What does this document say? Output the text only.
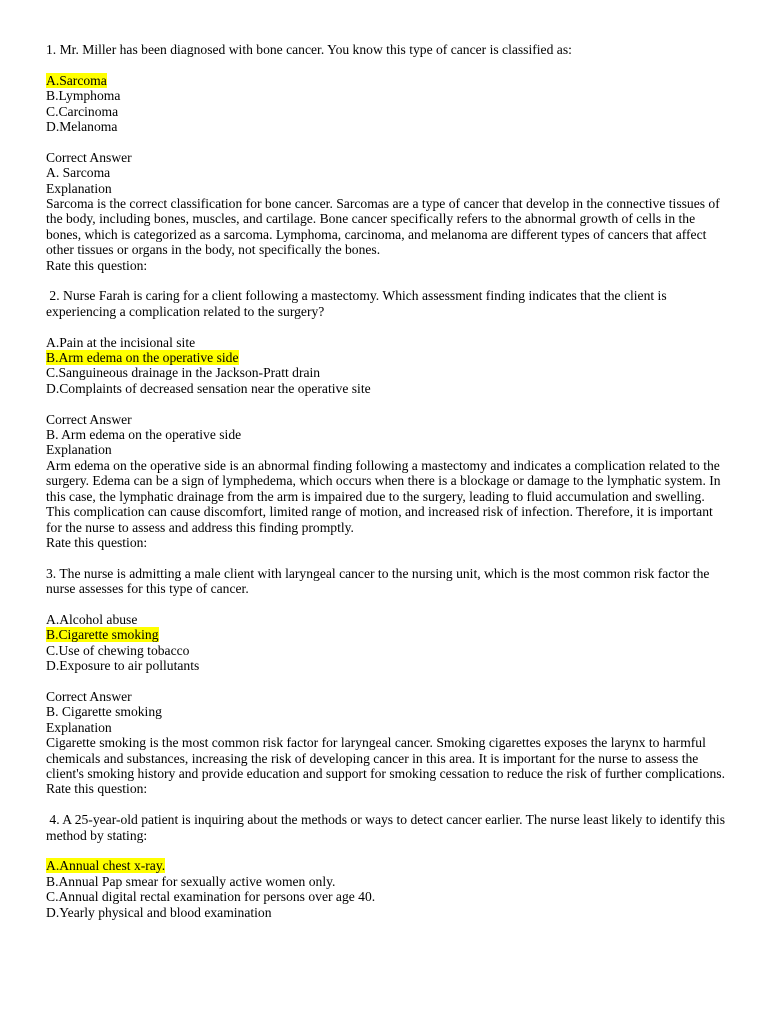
1. Mr. Miller has been diagnosed with bone cancer. You know this type of cancer is classified as:
A.Sarcoma
B.Lymphoma
C.Carcinoma
D.Melanoma
Correct Answer
A. Sarcoma
Explanation
Sarcoma is the correct classification for bone cancer. Sarcomas are a type of cancer that develop in the connective tissues of the body, including bones, muscles, and cartilage. Bone cancer specifically refers to the abnormal growth of cells in the bones, which is categorized as a sarcoma. Lymphoma, carcinoma, and melanoma are different types of cancers that affect other tissues or organs in the body, not specifically the bones.
Rate this question:
2. Nurse Farah is caring for a client following a mastectomy. Which assessment finding indicates that the client is experiencing a complication related to the surgery?
A.Pain at the incisional site
B.Arm edema on the operative side
C.Sanguineous drainage in the Jackson-Pratt drain
D.Complaints of decreased sensation near the operative site
Correct Answer
B. Arm edema on the operative side
Explanation
Arm edema on the operative side is an abnormal finding following a mastectomy and indicates a complication related to the surgery. Edema can be a sign of lymphedema, which occurs when there is a blockage or damage to the lymphatic system. In this case, the lymphatic drainage from the arm is impaired due to the surgery, leading to fluid accumulation and swelling. This complication can cause discomfort, limited range of motion, and increased risk of infection. Therefore, it is important for the nurse to assess and address this finding promptly.
Rate this question:
3. The nurse is admitting a male client with laryngeal cancer to the nursing unit, which is the most common risk factor the nurse assesses for this type of cancer.
A.Alcohol abuse
B.Cigarette smoking
C.Use of chewing tobacco
D.Exposure to air pollutants
Correct Answer
B. Cigarette smoking
Explanation
Cigarette smoking is the most common risk factor for laryngeal cancer. Smoking cigarettes exposes the larynx to harmful chemicals and substances, increasing the risk of developing cancer in this area. It is important for the nurse to assess the client's smoking history and provide education and support for smoking cessation to reduce the risk of further complications.
Rate this question:
4. A 25-year-old patient is inquiring about the methods or ways to detect cancer earlier. The nurse least likely to identify this method by stating:
A.Annual chest x-ray.
B.Annual Pap smear for sexually active women only.
C.Annual digital rectal examination for persons over age 40.
D.Yearly physical and blood examination
